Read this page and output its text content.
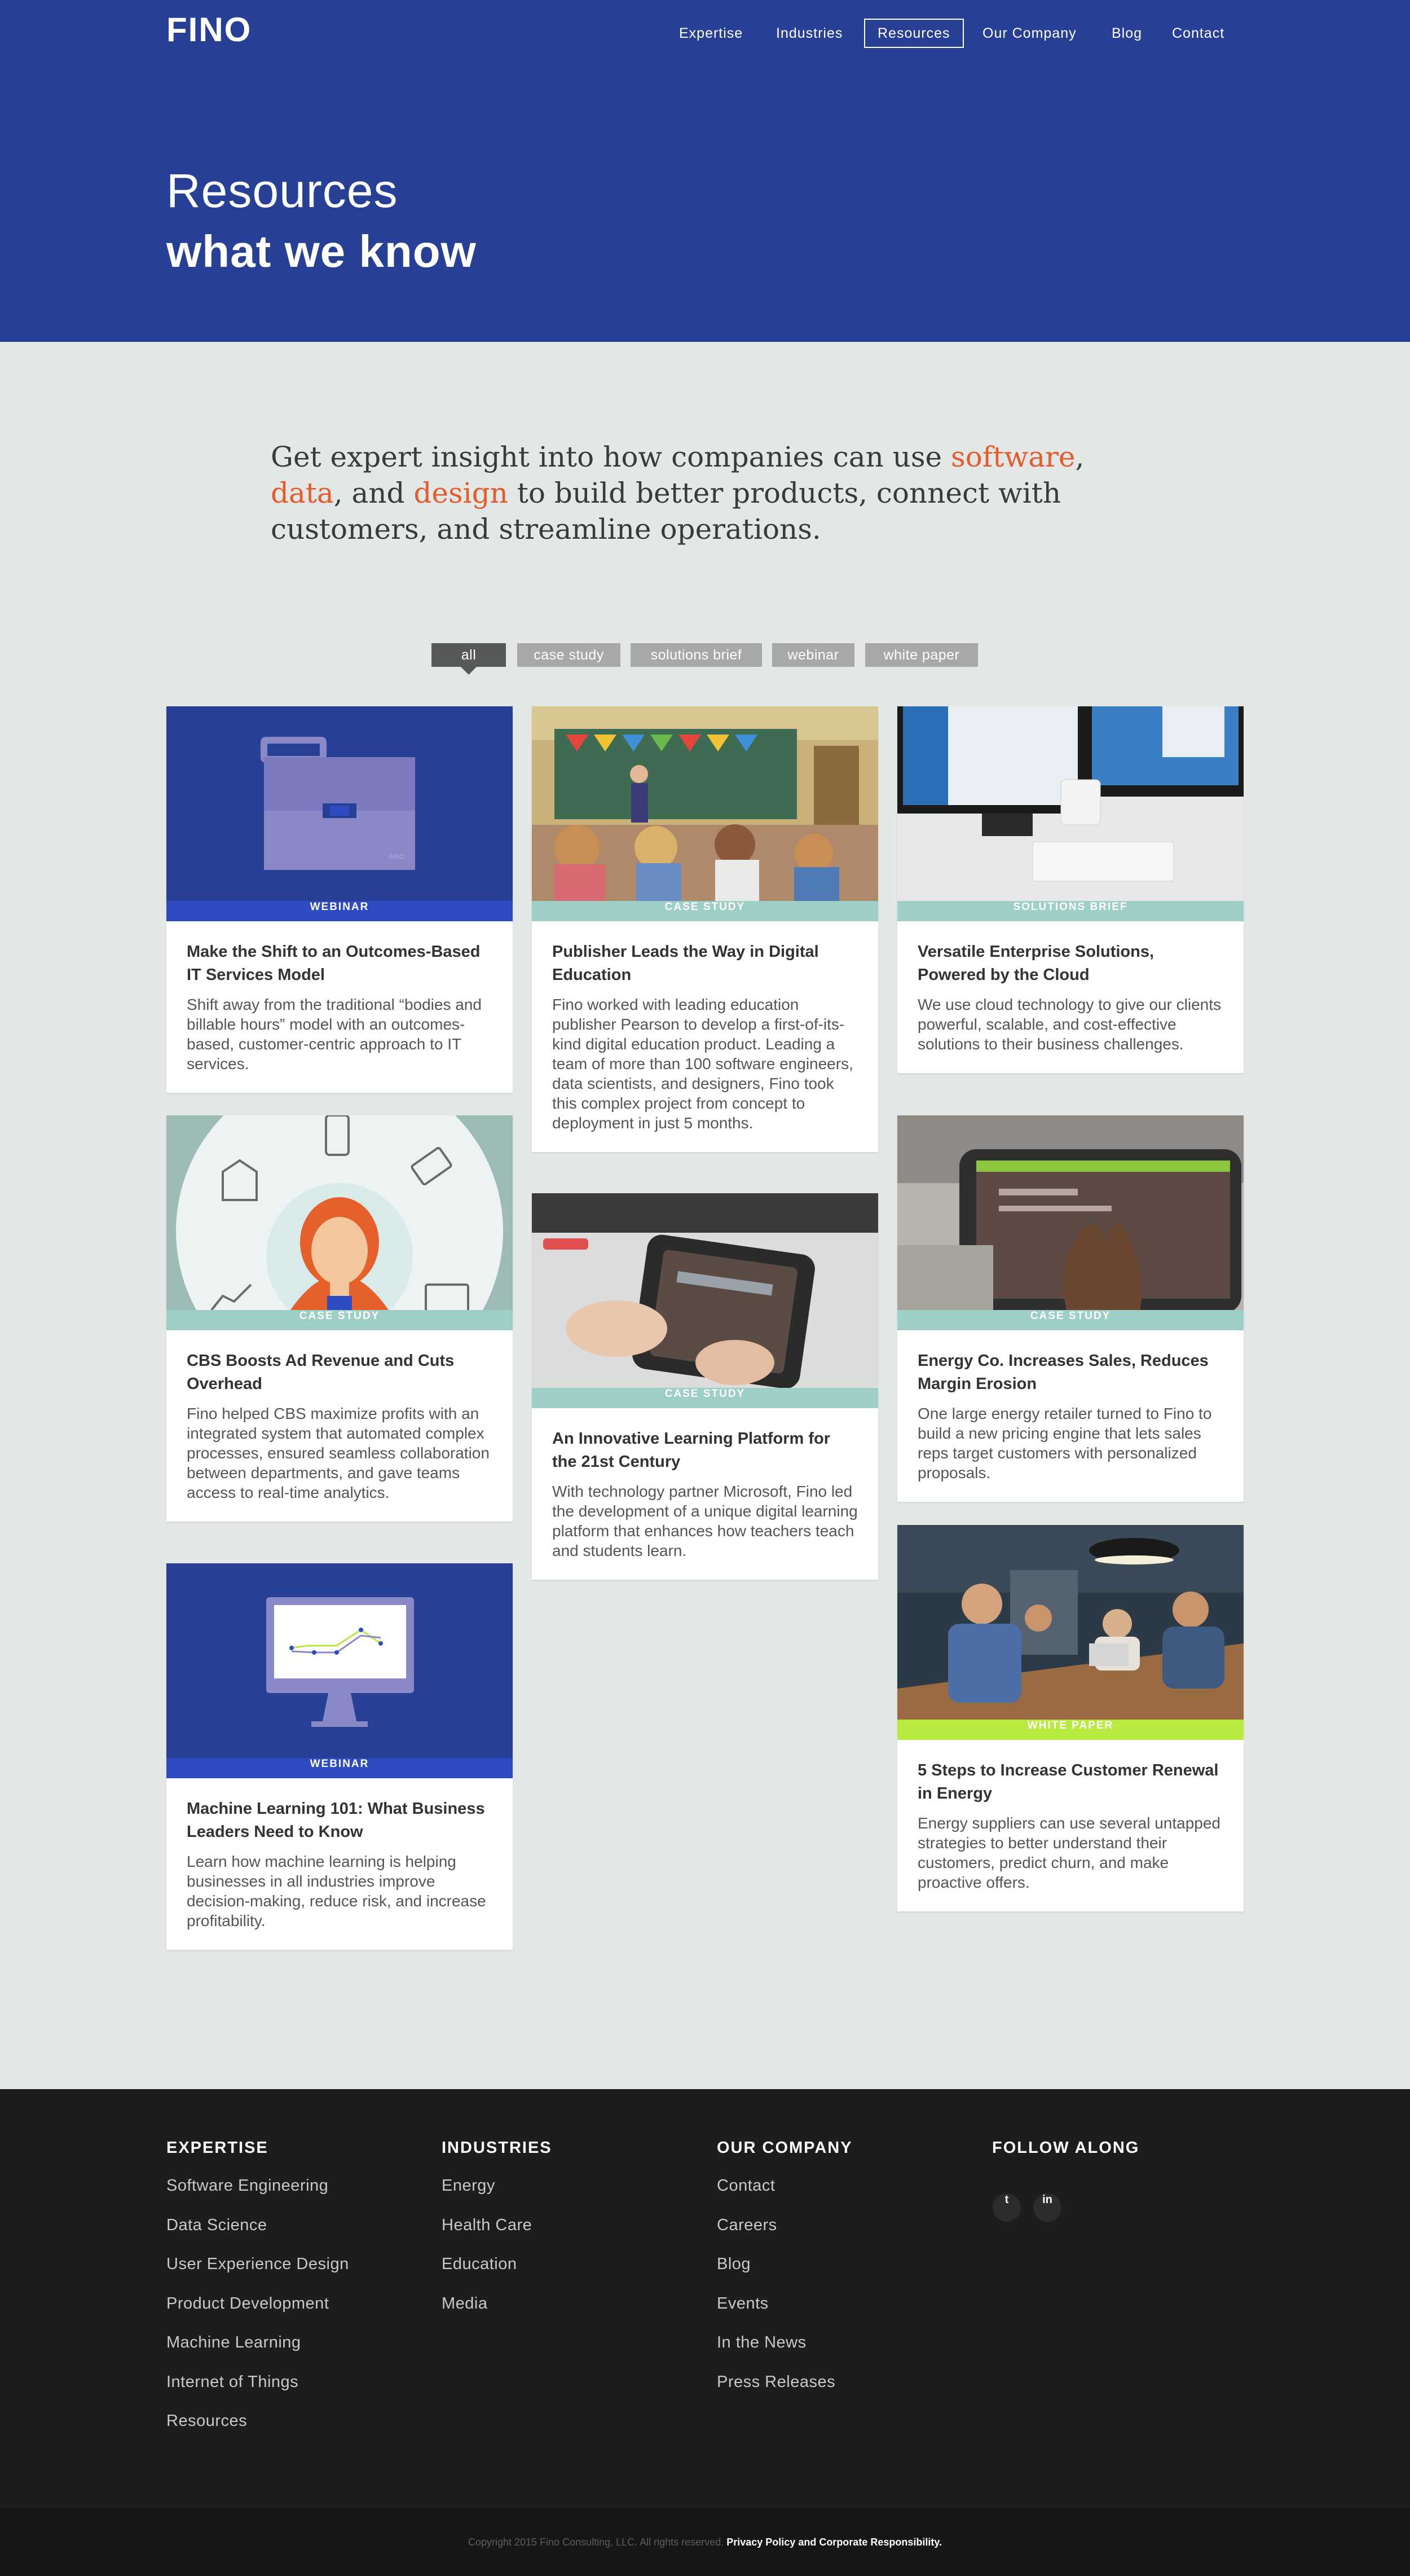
FINO	Expertise Industries	Resources	Our Company Blog Contact
Resources
what we know
Get expert insight into how companies can use software, data, and design to build better products, connect with customers, and streamline operations.
all	case study	solutions brief	webinar	white paper
FINO
WEBINAR
Make the Shift to an Outcomes-Based IT Services Model
Shift away from the traditional “bodies and billable hours” model with an outcomes-based, customer-centric approach to IT services.
CASE STUDY
Publisher Leads the Way in Digital Education
Fino worked with leading education publisher Pearson to develop a first-of-its-kind digital education product. Leading a team of more than 100 software engineers, data scientists, and designers, Fino took this complex project from concept to deployment in just 5 months.
SOLUTIONS BRIEF
Versatile Enterprise Solutions, Powered by the Cloud
We use cloud technology to give our clients powerful, scalable, and cost-effective solutions to their business challenges.
CASE STUDY
CBS Boosts Ad Revenue and Cuts Overhead
Fino helped CBS maximize profits with an integrated system that automated complex processes, ensured seamless collaboration between departments, and gave teams access to real-time analytics.
CASE STUDY
An Innovative Learning Platform for the 21st Century
With technology partner Microsoft, Fino led the development of a unique digital learning platform that enhances how teachers teach and students learn.
CASE STUDY
Energy Co. Increases Sales, Reduces Margin Erosion
One large energy retailer turned to Fino to build a new pricing engine that lets sales reps target customers with personalized proposals.
WEBINAR
Machine Learning 101: What Business Leaders Need to Know
Learn how machine learning is helping businesses in all industries improve decision-making, reduce risk, and increase profitability.
WHITE PAPER
5 Steps to Increase Customer Renewal in Energy
Energy suppliers can use several untapped strategies to better understand their customers, predict churn, and make proactive offers.
EXPERTISE
Software Engineering
Data Science
User Experience Design
Product Development
Machine Learning
Internet of Things
Resources
INDUSTRIES
Energy
Health Care
Education
Media
OUR COMPANY
Contact
Careers
Blog
Events
In the News
Press Releases
FOLLOW ALONG
t	in
Copyright 2015 Fino Consulting, LLC. All rights reserved. Privacy Policy and Corporate Responsibility.
